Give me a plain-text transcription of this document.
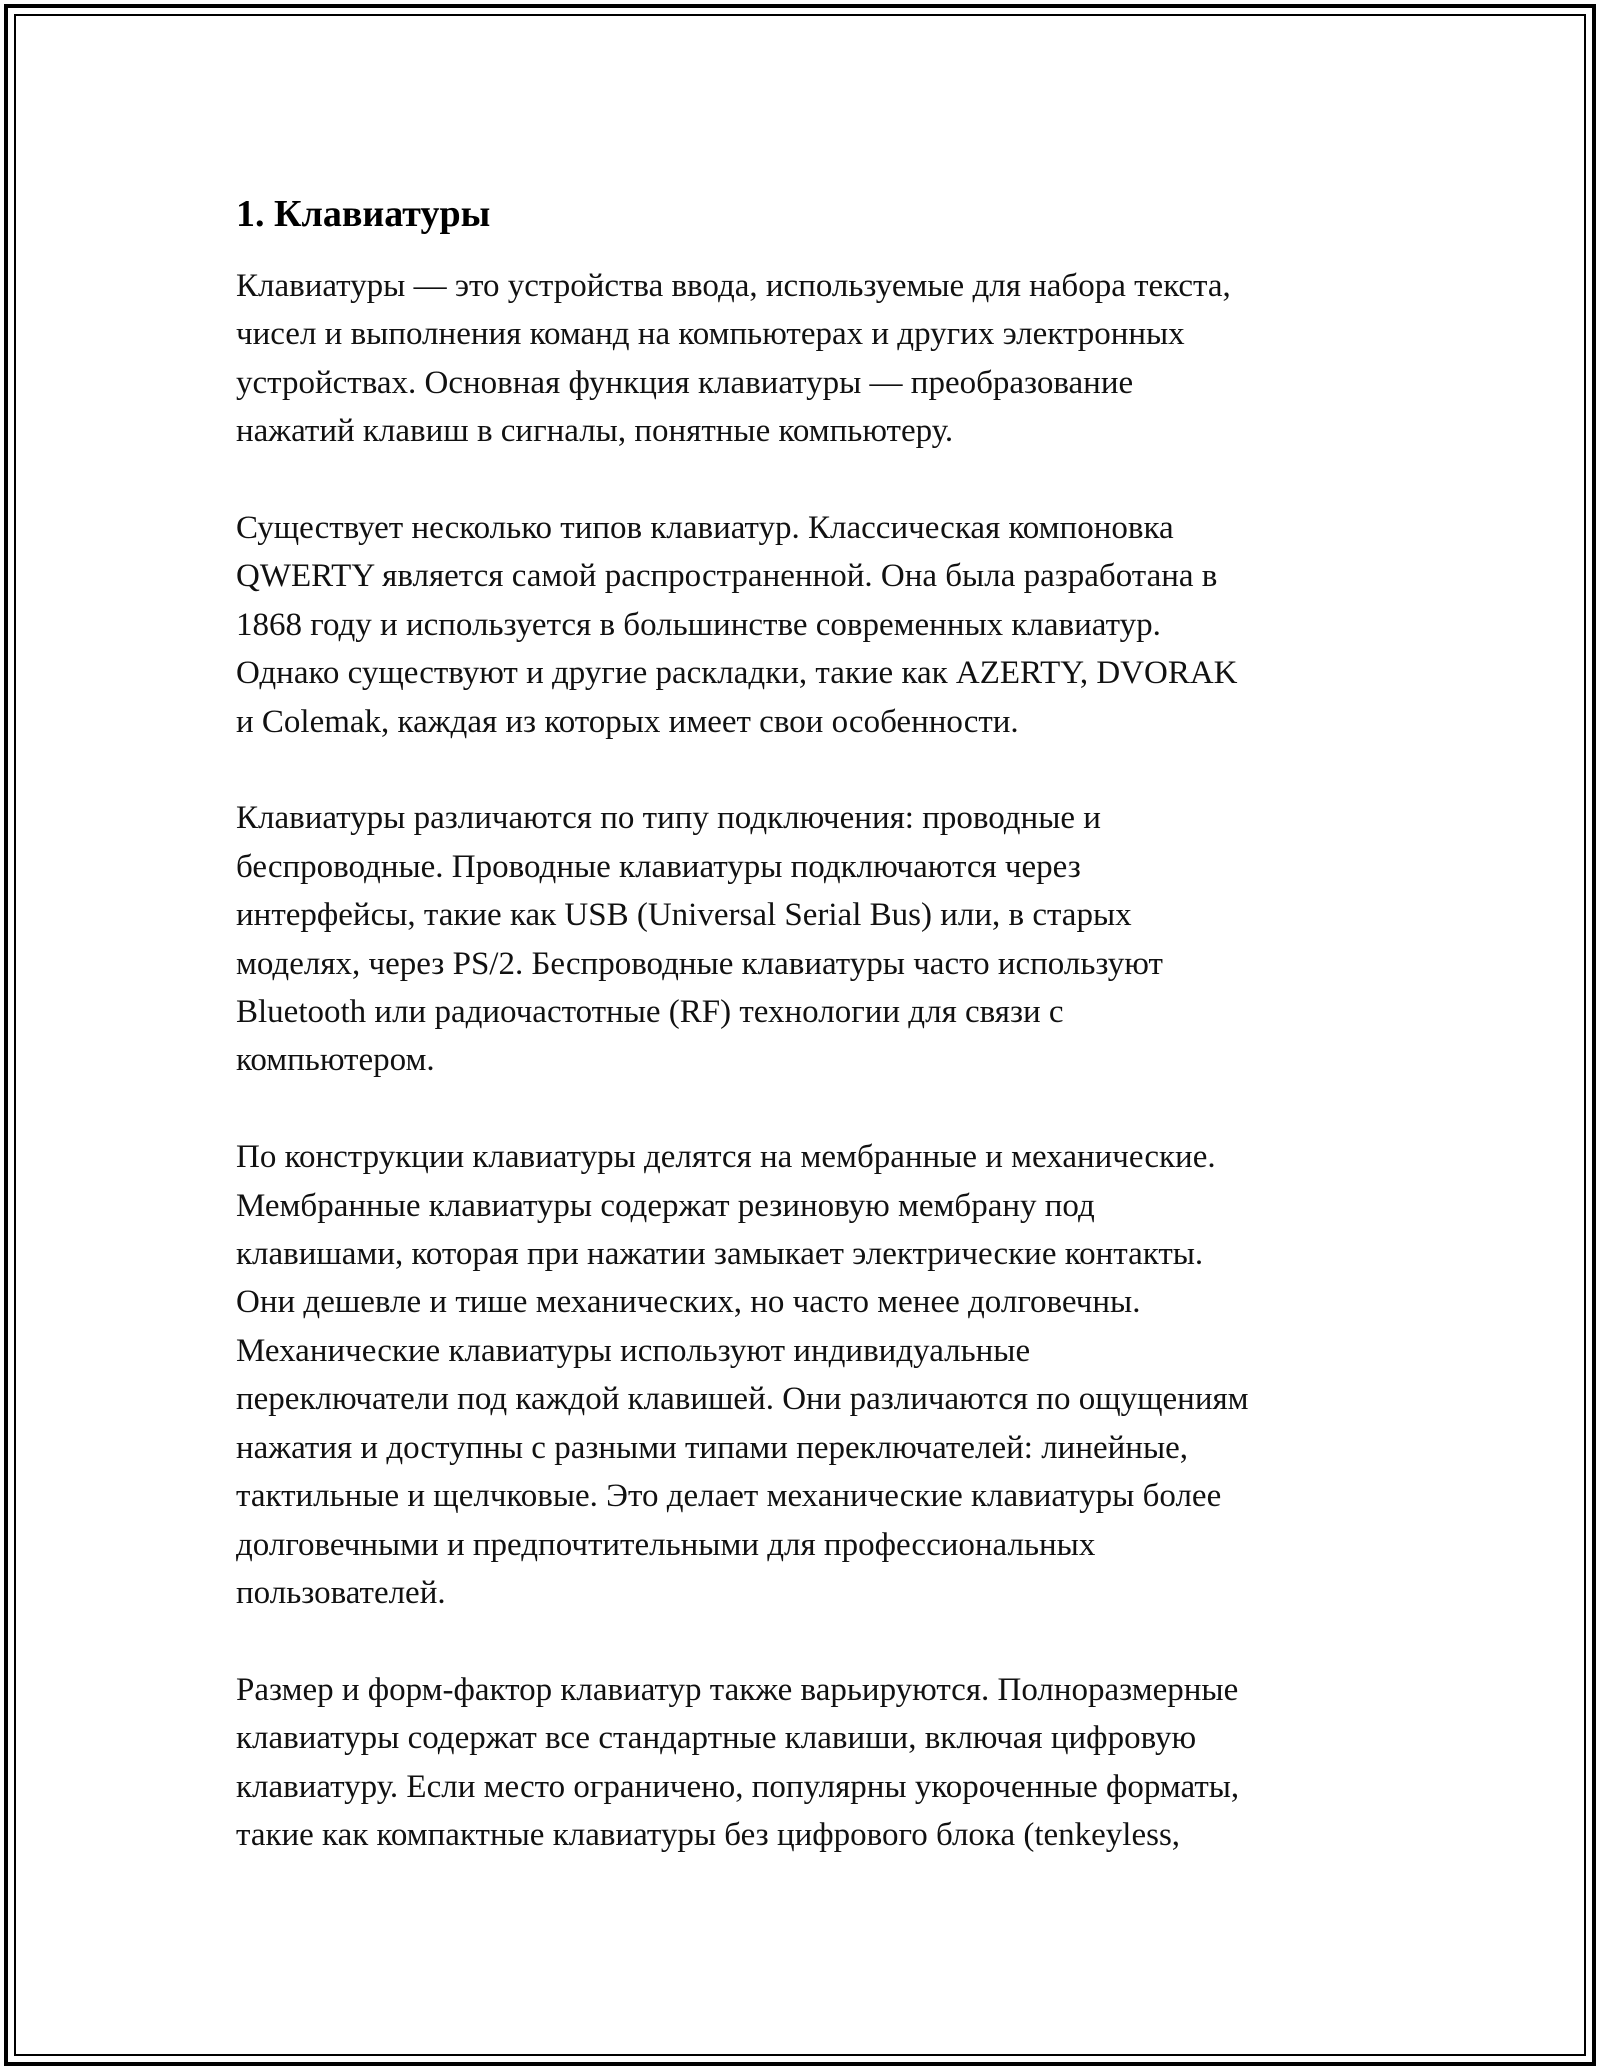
1. Клавиатуры

Клавиатуры — это устройства ввода, используемые для набора текста,
чисел и выполнения команд на компьютерах и других электронных
устройствах. Основная функция клавиатуры — преобразование
нажатий клавиш в сигналы, понятные компьютеру.

Существует несколько типов клавиатур. Классическая компоновка
QWERTY является самой распространенной. Она была разработана в
1868 году и используется в большинстве современных клавиатур.
Однако существуют и другие раскладки, такие как AZERTY, DVORAK
и Colemak, каждая из которых имеет свои особенности.

Клавиатуры различаются по типу подключения: проводные и
беспроводные. Проводные клавиатуры подключаются через
интерфейсы, такие как USB (Universal Serial Bus) или, в старых
моделях, через PS/2. Беспроводные клавиатуры часто используют
Bluetooth или радиочастотные (RF) технологии для связи с
компьютером.

По конструкции клавиатуры делятся на мембранные и механические.
Мембранные клавиатуры содержат резиновую мембрану под
клавишами, которая при нажатии замыкает электрические контакты.
Они дешевле и тише механических, но часто менее долговечны.
Механические клавиатуры используют индивидуальные
переключатели под каждой клавишей. Они различаются по ощущениям
нажатия и доступны с разными типами переключателей: линейные,
тактильные и щелчковые. Это делает механические клавиатуры более
долговечными и предпочтительными для профессиональных
пользователей.

Размер и форм-фактор клавиатур также варьируются. Полноразмерные
клавиатуры содержат все стандартные клавиши, включая цифровую
клавиатуру. Если место ограничено, популярны укороченные форматы,
такие как компактные клавиатуры без цифрового блока (tenkeyless,
